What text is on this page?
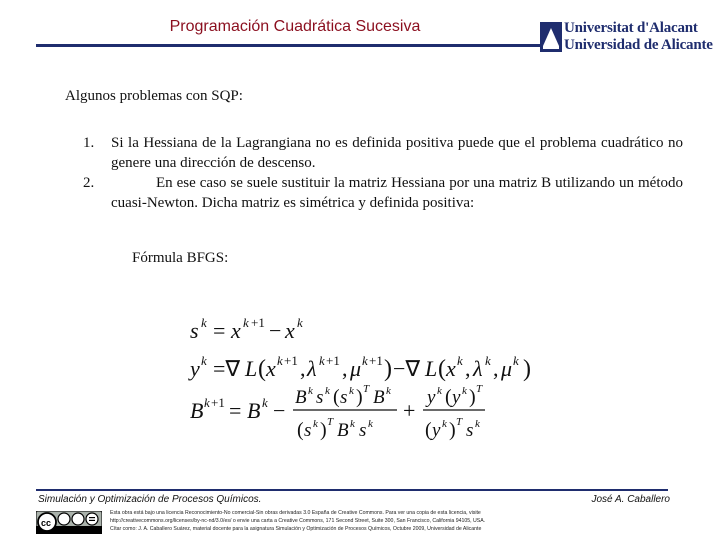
Programación Cuadrática Sucesiva	Universitat d'Alacant
Universidad de Alicante
Algunos problemas con SQP:
1. Si la Hessiana de la Lagrangiana no es definida positiva puede que el problema cuadrático no genere una dirección de descenso.
2.	En ese caso se suele sustituir la matriz Hessiana por una matriz B utilizando un método cuasi-Newton. Dicha matriz es simétrica y definida positiva:
Fórmula BFGS:
s k = x k +1 − x k
y k =∇ L ( x k +1 , λ k +1 , μ k +1 ) −∇ L ( x k , λ k , μ k )
B k +1 = B k −
B k s k ( s k ) T B k
( s k ) T B k s k
+
y k ( y k ) T
( y k ) T s k
Simulación y Optimización de Procesos Químicos.	José A. Caballero
cc
Esta obra está bajo una licencia Reconocimiento-No comercial-Sin obras derivadas 3.0 España de Creative Commons. Para ver una copia de esta licencia, visite
http://creativecommons.org/licenses/by-nc-nd/3.0/es/ o envie una carta a Creative Commons, 171 Second Street, Suite 300, San Francisco, California 94105, USA.
Cítar como: J. A. Caballero Suárez, material docente para la asignatura Simulación y Optimización de Procesos Químicos, Octubre 2009, Universidad de Alicante
